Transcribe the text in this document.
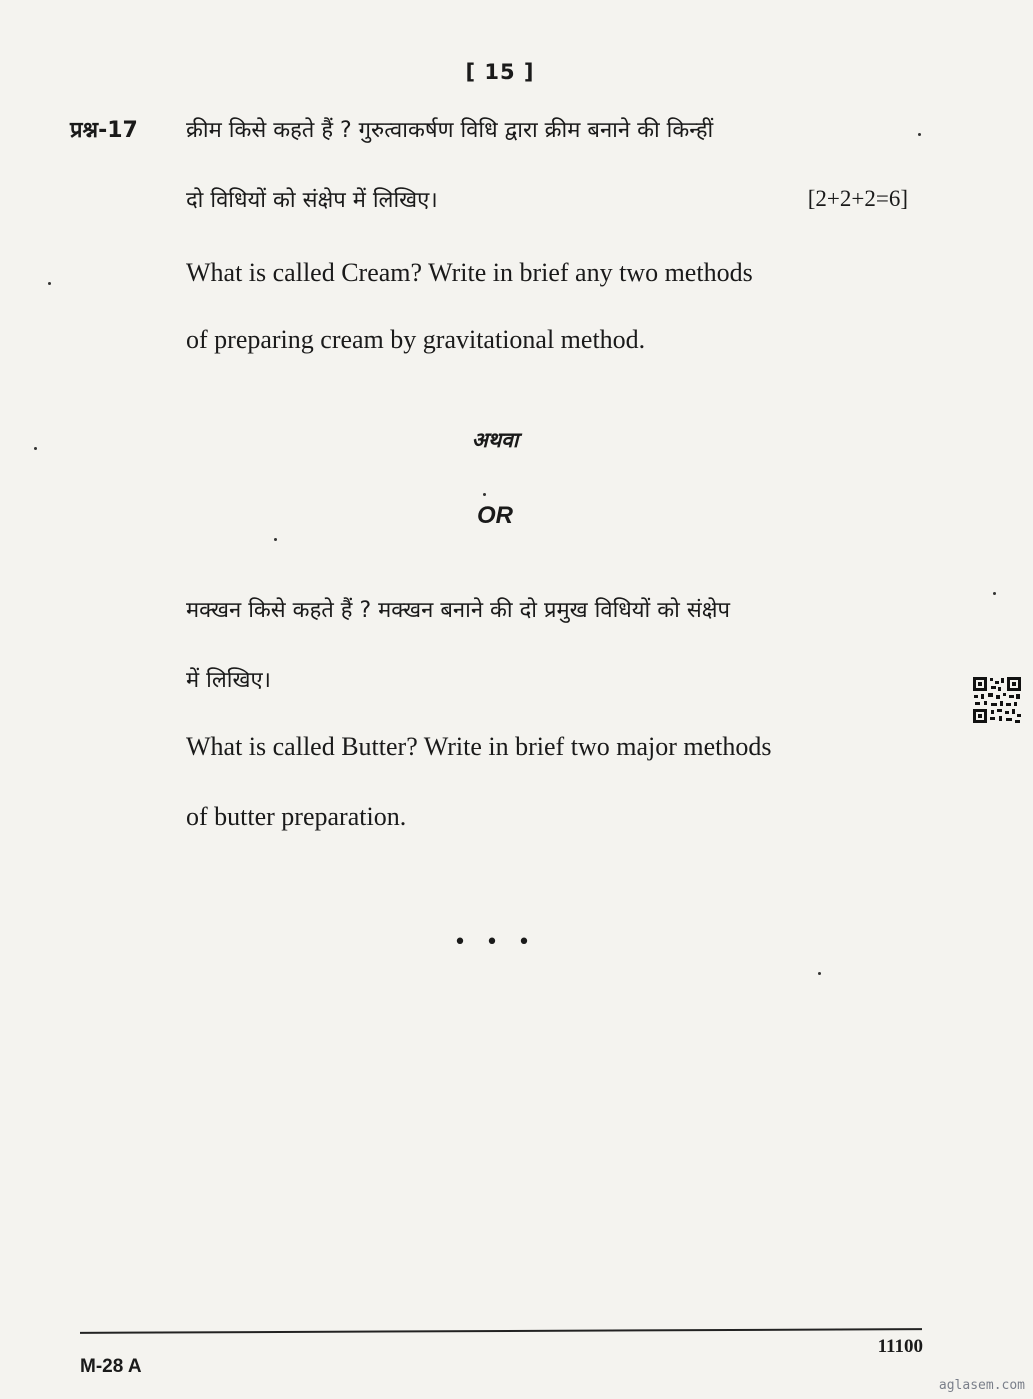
[ 15 ]
प्रश्न-17 क्रीम किसे कहते हैं ? गुरुत्वाकर्षण विधि द्वारा क्रीम बनाने की किन्हीं
दो विधियों को संक्षेप में लिखिए।	[2+2+2=6]
What is called Cream? Write in brief any two methods
of preparing cream by gravitational method.
अथवा
OR
मक्खन किसे कहते हैं ? मक्खन बनाने की दो प्रमुख विधियों को संक्षेप
में लिखिए।
What is called Butter? Write in brief two major methods
of butter preparation.
• • •
M-28 A
11100
aglasem.com
